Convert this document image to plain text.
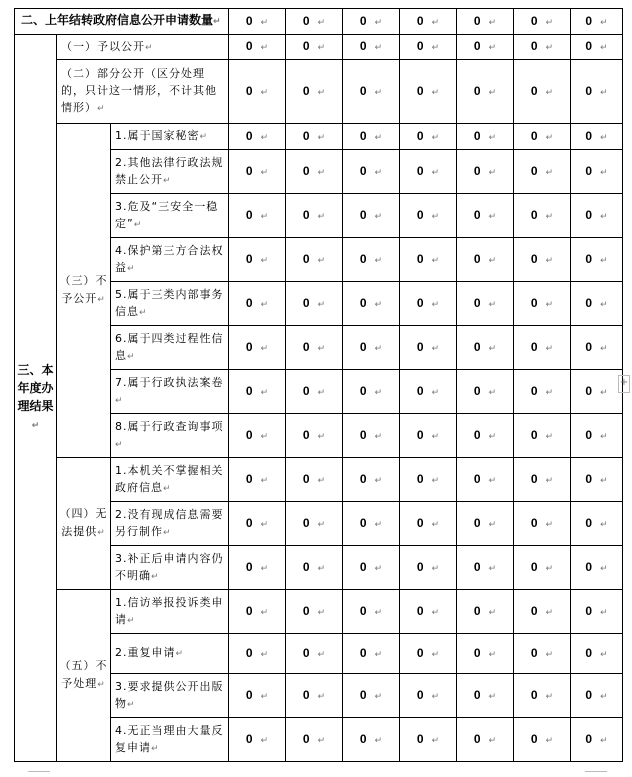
二、上年结转政府信息公开申请数量↵			0 ↵	0 ↵	0 ↵	0 ↵	0 ↵	0 ↵	0 ↵
三、本年度办理结果↵	（一）予以公开↵		0 ↵	0 ↵	0 ↵	0 ↵	0 ↵	0 ↵	0 ↵
	（二）部分公开（区分处理的，只计这一情形，不计其他情形）↵		0 ↵	0 ↵	0 ↵	0 ↵	0 ↵	0 ↵	0 ↵
	（三）不予公开↵	1.属于国家秘密↵	0 ↵	0 ↵	0 ↵	0 ↵	0 ↵	0 ↵	0 ↵
		2.其他法律行政法规禁止公开↵	0 ↵	0 ↵	0 ↵	0 ↵	0 ↵	0 ↵	0 ↵
		3.危及“三安全一稳定”↵	0 ↵	0 ↵	0 ↵	0 ↵	0 ↵	0 ↵	0 ↵
		4.保护第三方合法权益↵	0 ↵	0 ↵	0 ↵	0 ↵	0 ↵	0 ↵	0 ↵
		5.属于三类内部事务信息↵	0 ↵	0 ↵	0 ↵	0 ↵	0 ↵	0 ↵	0 ↵
		6.属于四类过程性信息↵	0 ↵	0 ↵	0 ↵	0 ↵	0 ↵	0 ↵	0 ↵
		7.属于行政执法案卷↵	0 ↵	0 ↵	0 ↵	0 ↵	0 ↵	0 ↵	0 ↵
		8.属于行政查询事项↵	0 ↵	0 ↵	0 ↵	0 ↵	0 ↵	0 ↵	0 ↵
	（四）无法提供↵	1.本机关不掌握相关政府信息↵	0 ↵	0 ↵	0 ↵	0 ↵	0 ↵	0 ↵	0 ↵
		2.没有现成信息需要另行制作↵	0 ↵	0 ↵	0 ↵	0 ↵	0 ↵	0 ↵	0 ↵
		3.补正后申请内容仍不明确↵	0 ↵	0 ↵	0 ↵	0 ↵	0 ↵	0 ↵	0 ↵
	（五）不予处理↵	1.信访举报投诉类申请↵	0 ↵	0 ↵	0 ↵	0 ↵	0 ↵	0 ↵	0 ↵
		2.重复申请↵	0 ↵	0 ↵	0 ↵	0 ↵	0 ↵	0 ↵	0 ↵
		3.要求提供公开出版物↵	0 ↵	0 ↵	0 ↵	0 ↵	0 ↵	0 ↵	0 ↵
		4.无正当理由大量反复申请↵	0 ↵	0 ↵	0 ↵	0 ↵	0 ↵	0 ↵	0 ↵
+
